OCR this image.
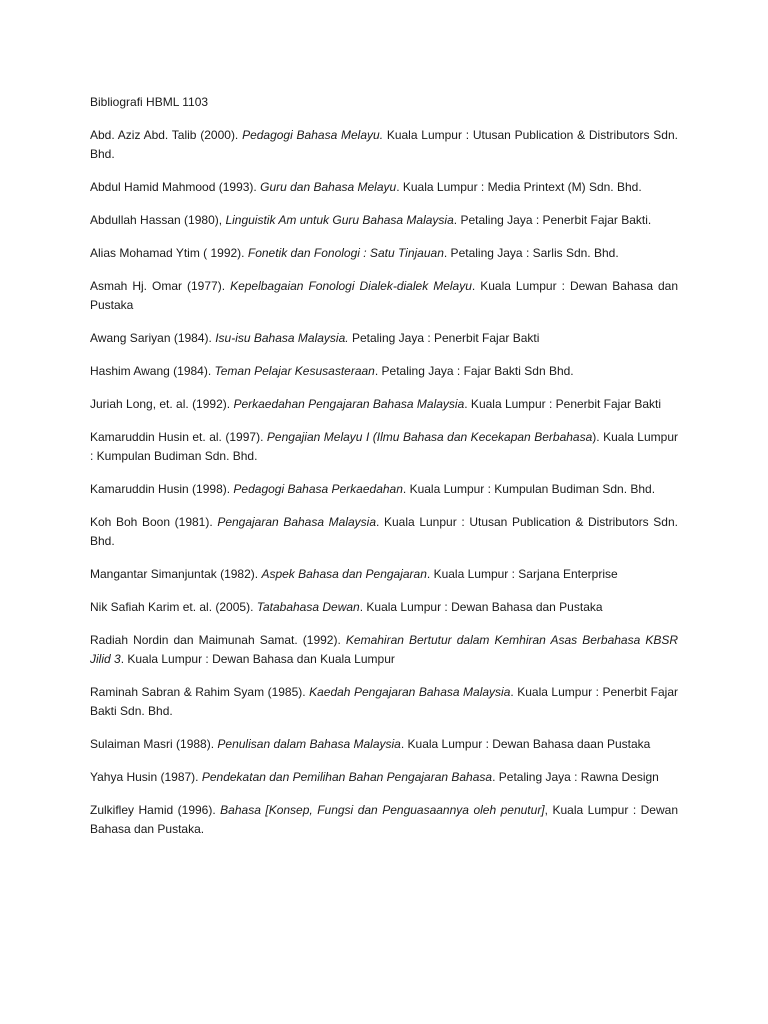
Bibliografi HBML 1103

Abd. Aziz Abd. Talib (2000). Pedagogi Bahasa Melayu. Kuala Lumpur : Utusan Publication & Distributors Sdn. Bhd.

Abdul Hamid Mahmood (1993). Guru dan Bahasa Melayu. Kuala Lumpur : Media Printext (M) Sdn. Bhd.

Abdullah Hassan (1980), Linguistik Am untuk Guru Bahasa Malaysia. Petaling Jaya : Penerbit Fajar Bakti.

Alias Mohamad Ytim ( 1992). Fonetik dan Fonologi : Satu Tinjauan. Petaling Jaya : Sarlis Sdn. Bhd.

Asmah Hj. Omar (1977). Kepelbagaian Fonologi Dialek-dialek Melayu. Kuala Lumpur : Dewan Bahasa dan Pustaka

Awang Sariyan (1984). Isu-isu Bahasa Malaysia. Petaling Jaya : Penerbit Fajar Bakti

Hashim Awang (1984). Teman Pelajar Kesusasteraan. Petaling Jaya : Fajar Bakti Sdn Bhd.

Juriah Long, et. al. (1992). Perkaedahan Pengajaran Bahasa Malaysia. Kuala Lumpur : Penerbit Fajar Bakti

Kamaruddin Husin et. al. (1997). Pengajian Melayu I (Ilmu Bahasa dan Kecekapan Berbahasa). Kuala Lumpur : Kumpulan Budiman Sdn. Bhd.

Kamaruddin Husin (1998). Pedagogi Bahasa Perkaedahan. Kuala Lumpur : Kumpulan Budiman Sdn. Bhd.

Koh Boh Boon (1981). Pengajaran Bahasa Malaysia. Kuala Lunpur : Utusan Publication & Distributors Sdn. Bhd.

Mangantar Simanjuntak (1982). Aspek Bahasa dan Pengajaran. Kuala Lumpur : Sarjana Enterprise

Nik Safiah Karim et. al. (2005). Tatabahasa Dewan. Kuala Lumpur : Dewan Bahasa dan Pustaka

Radiah Nordin dan Maimunah Samat. (1992). Kemahiran Bertutur dalam Kemhiran Asas Berbahasa KBSR Jilid 3. Kuala Lumpur : Dewan Bahasa dan Kuala Lumpur

Raminah Sabran & Rahim Syam (1985). Kaedah Pengajaran Bahasa Malaysia. Kuala Lumpur : Penerbit Fajar Bakti Sdn. Bhd.

Sulaiman Masri (1988). Penulisan dalam Bahasa Malaysia. Kuala Lumpur : Dewan Bahasa daan Pustaka

Yahya Husin (1987). Pendekatan dan Pemilihan Bahan Pengajaran Bahasa. Petaling Jaya : Rawna Design

Zulkifley Hamid (1996). Bahasa [Konsep, Fungsi dan Penguasaannya oleh penutur], Kuala Lumpur : Dewan Bahasa dan Pustaka.
